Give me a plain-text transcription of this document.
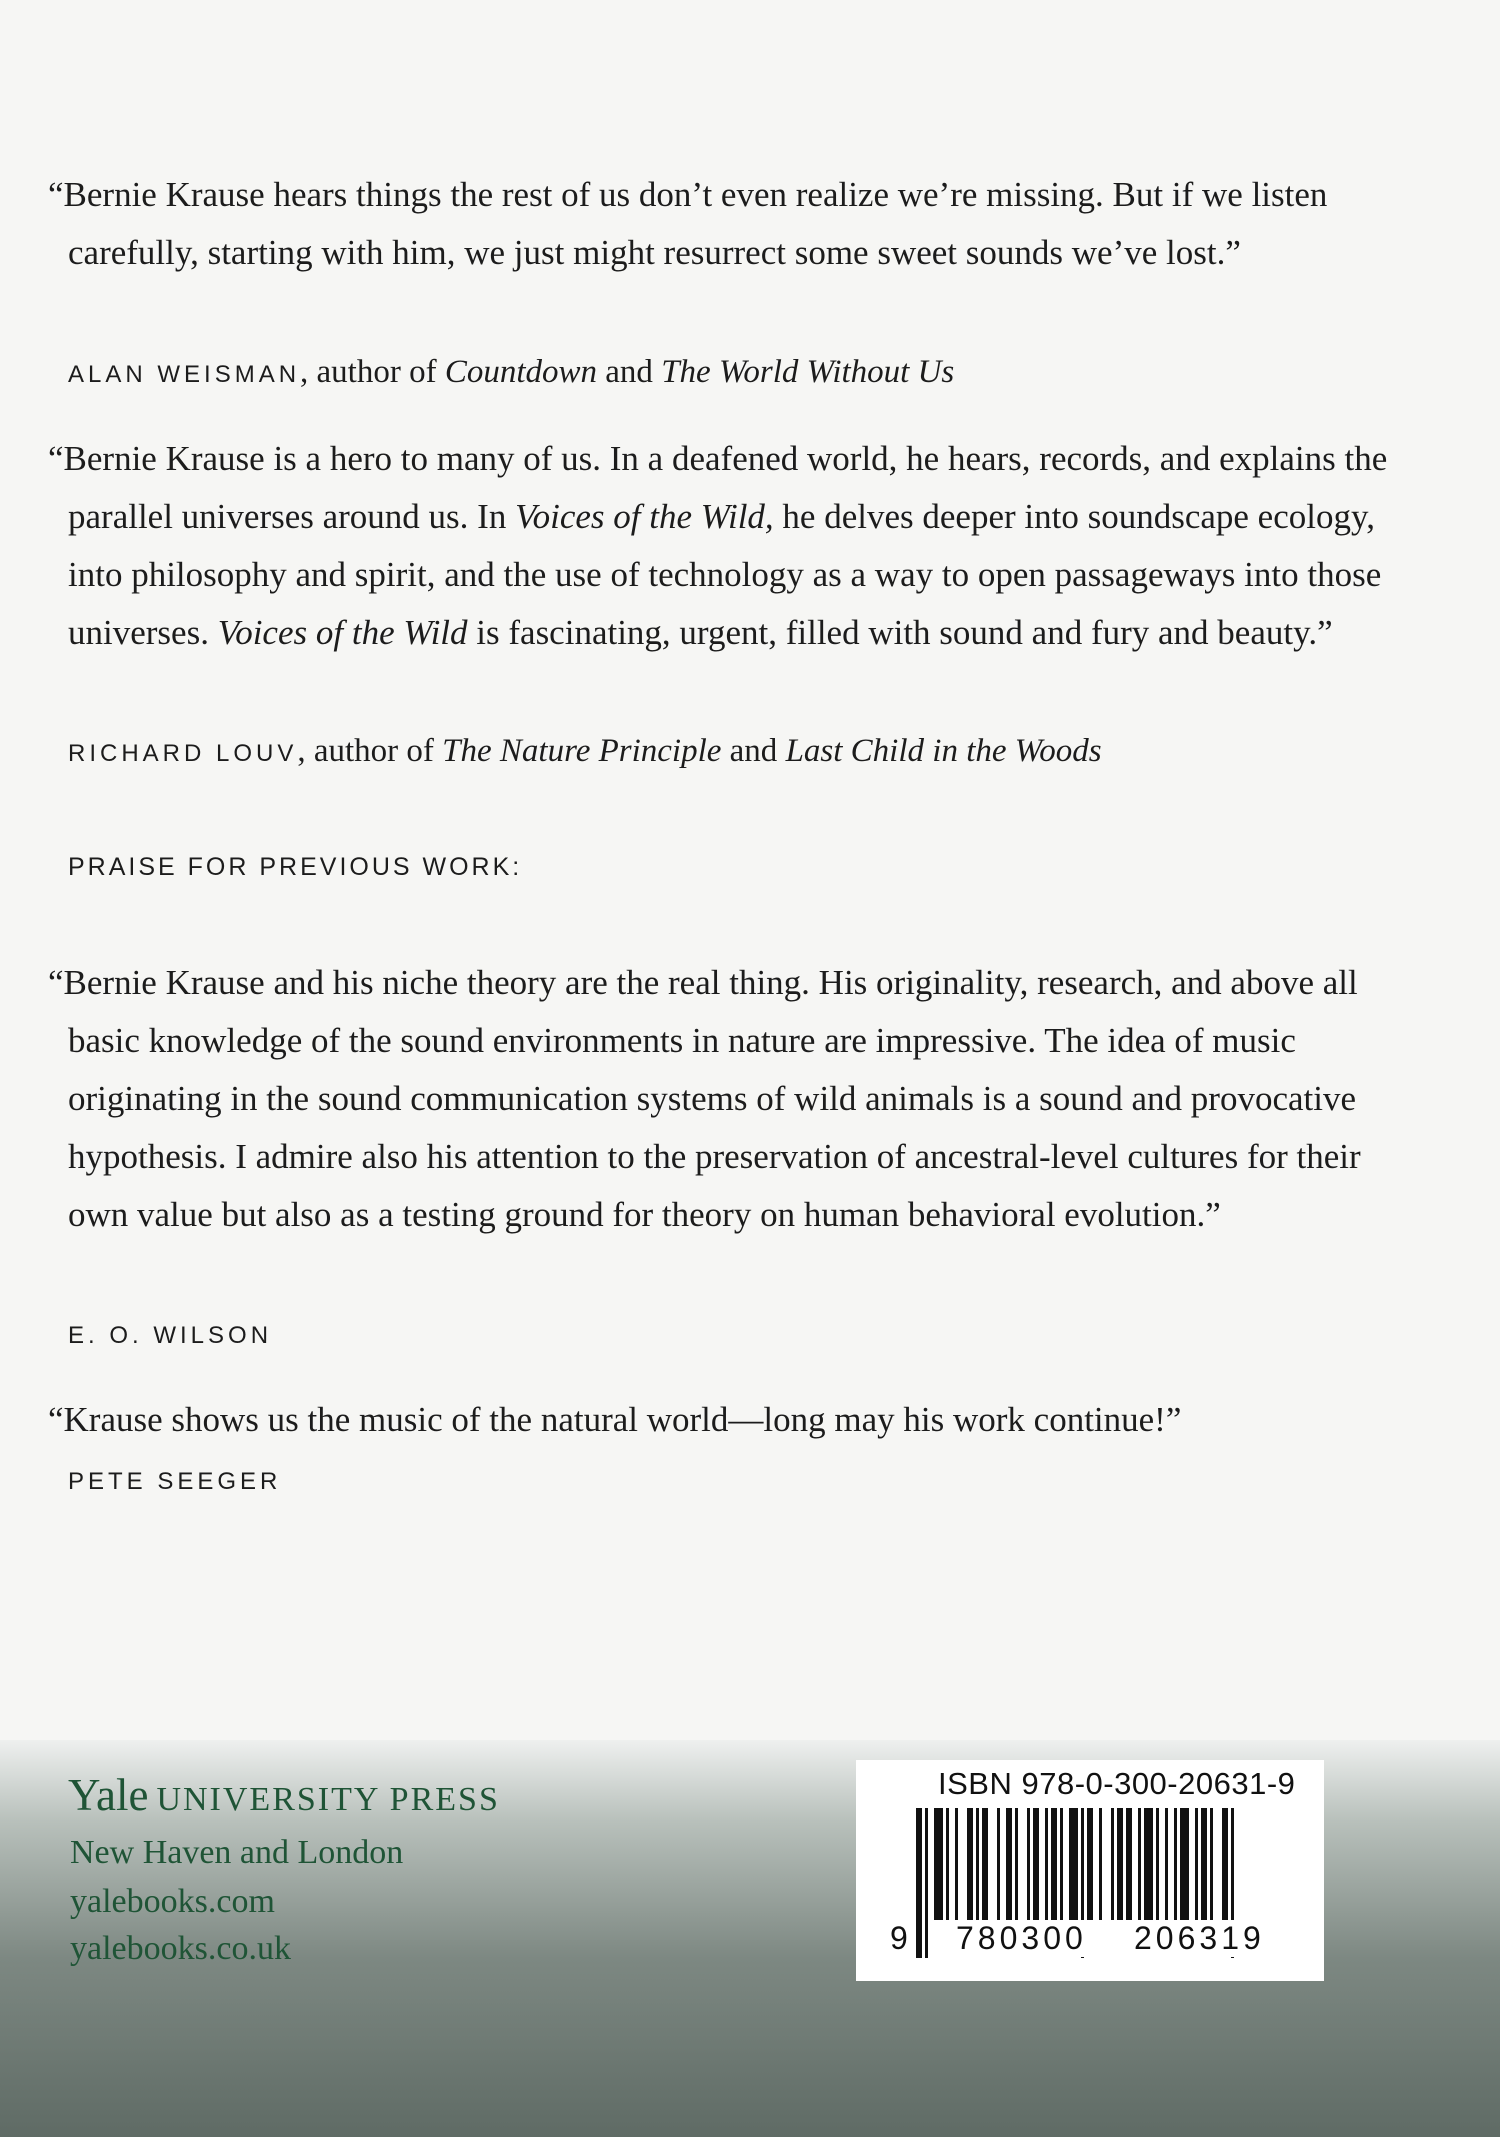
“Bernie Krause hears things the rest of us don’t even realize we’re missing. But if we listen carefully, starting with him, we just might resurrect some sweet sounds we’ve lost.”
ALAN WEISMAN, author of Countdown and The World Without Us
“Bernie Krause is a hero to many of us. In a deafened world, he hears, records, and explains the parallel universes around us. In Voices of the Wild, he delves deeper into soundscape ecology, into philosophy and spirit, and the use of technology as a way to open passageways into those universes. Voices of the Wild is fascinating, urgent, filled with sound and fury and beauty.”
RICHARD LOUV, author of The Nature Principle and Last Child in the Woods
PRAISE FOR PREVIOUS WORK:
“Bernie Krause and his niche theory are the real thing. His originality, research, and above all basic knowledge of the sound environments in nature are impressive. The idea of music originating in the sound communication systems of wild animals is a sound and provocative hypothesis. I admire also his attention to the preservation of ancestral-level cultures for their own value but also as a testing ground for theory on human behavioral evolution.”
E. O. WILSON
“Krause shows us the music of the natural world—long may his work continue!”
PETE SEEGER
Yale UNIVERSITY PRESS
New Haven and London
yalebooks.com
yalebooks.co.uk
ISBN 978-0-300-20631-9
9 780300 206319
